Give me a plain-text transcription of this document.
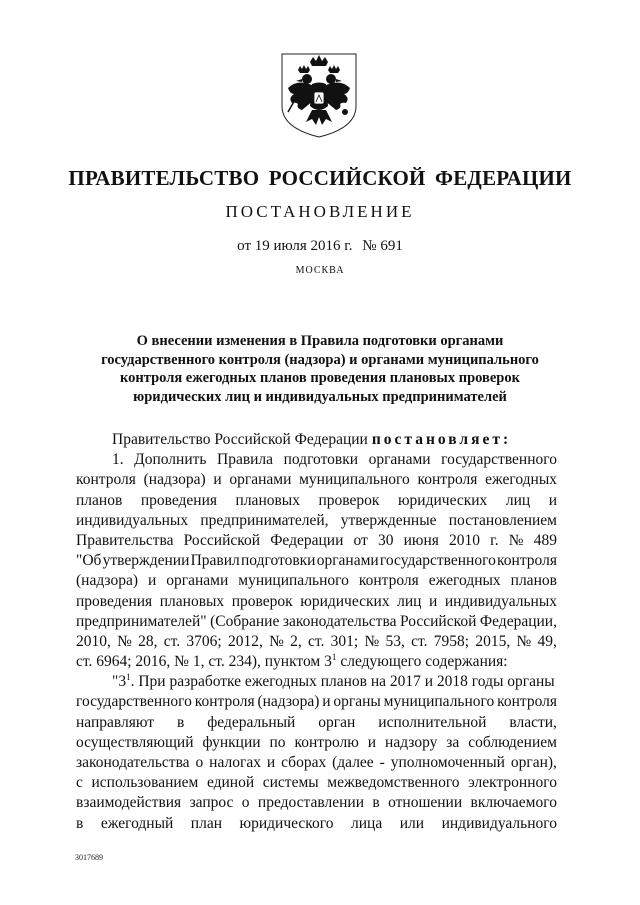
ПРАВИТЕЛЬСТВО РОССИЙСКОЙ ФЕДЕРАЦИИ
ПОСТАНОВЛЕНИЕ
от 19 июля 2016 г. № 691
МОСКВА
О внесении изменения в Правила подготовки органами
государственного контроля (надзора) и органами муниципального
контроля ежегодных планов проведения плановых проверок
юридических лиц и индивидуальных предпринимателей
Правительство Российской Федерации постановляет:
1. Дополнить Правила подготовки органами государственного
контроля (надзора) и органами муниципального контроля ежегодных
планов проведения плановых проверок юридических лиц и
индивидуальных предпринимателей, утвержденные постановлением
Правительства Российской Федерации от 30 июня 2010 г. № 489
"Об утверждении Правил подготовки органами государственного контроля
(надзора) и органами муниципального контроля ежегодных планов
проведения плановых проверок юридических лиц и индивидуальных
предпринимателей" (Собрание законодательства Российской Федерации,
2010, № 28, ст. 3706; 2012, № 2, ст. 301; № 53, ст. 7958; 2015, № 49,
ст. 6964; 2016, № 1, ст. 234), пунктом $3^1$ следующего содержания:
"$3^1$. При разработке ежегодных планов на 2017 и 2018 годы органы
государственного контроля (надзора) и органы муниципального контроля
направляют в федеральный орган исполнительной власти,
осуществляющий функции по контролю и надзору за соблюдением
законодательства о налогах и сборах (далее - уполномоченный орган),
с использованием единой системы межведомственного электронного
взаимодействия запрос о предоставлении в отношении включаемого
в ежегодный план юридического лица или индивидуального
3017689
